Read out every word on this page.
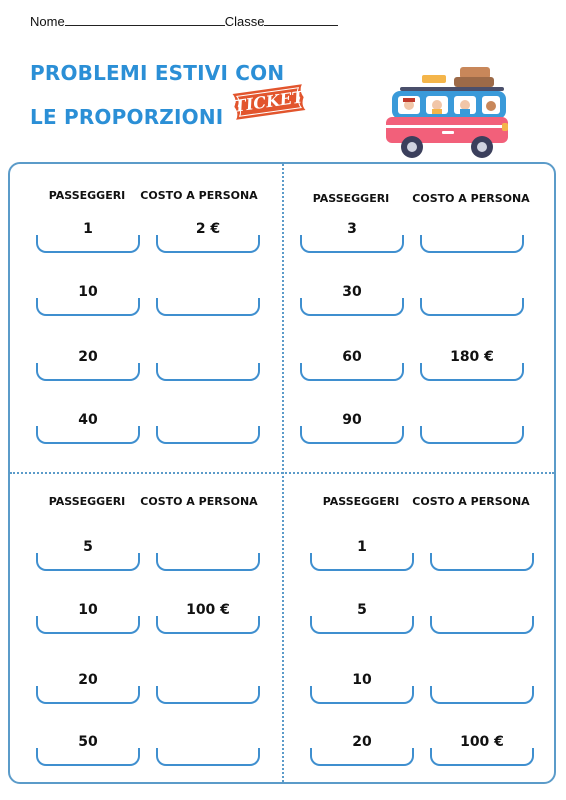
Nome	Classe
PROBLEMI ESTIVI CON
LE PROPORZIONI
TICKET
PASSEGGERI	COSTO A PERSONA
1	2 €
10
20
40
PASSEGGERI	COSTO A PERSONA
3
30
60	180 €
90
PASSEGGERI	COSTO A PERSONA
5
10	100 €
20
50
PASSEGGERI	COSTO A PERSONA
1
5
10
20	100 €
